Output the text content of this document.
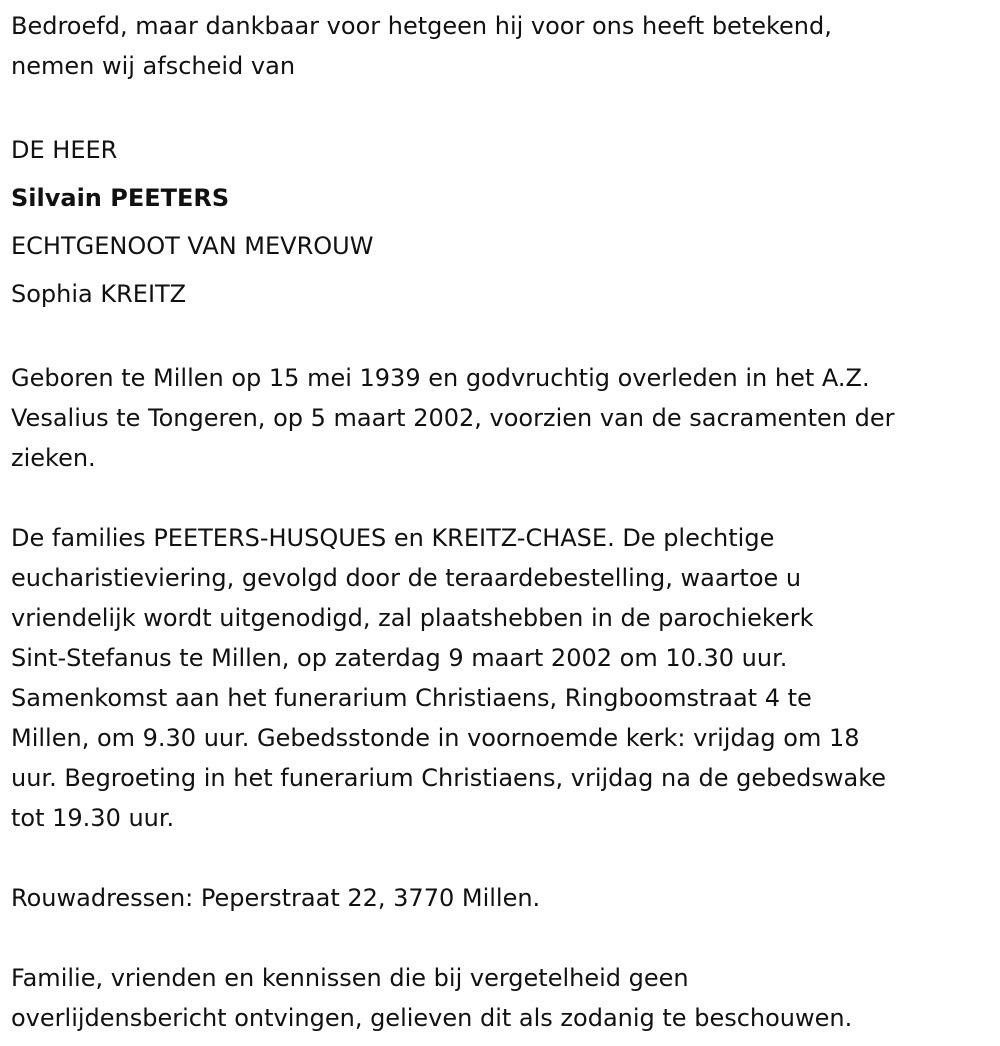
Bedroefd, maar dankbaar voor hetgeen hij voor ons heeft betekend,

nemen wij afscheid van

DE HEER

Silvain PEETERS

ECHTGENOOT VAN MEVROUW

Sophia KREITZ

Geboren te Millen op 15 mei 1939 en godvruchtig overleden in het A.Z.

Vesalius te Tongeren, op 5 maart 2002, voorzien van de sacramenten der

zieken.

De families PEETERS-HUSQUES en KREITZ-CHASE. De plechtige

eucharistieviering, gevolgd door de teraardebestelling, waartoe u

vriendelijk wordt uitgenodigd, zal plaatshebben in de parochiekerk

Sint-Stefanus te Millen, op zaterdag 9 maart 2002 om 10.30 uur.

Samenkomst aan het funerarium Christiaens, Ringboomstraat 4 te

Millen, om 9.30 uur. Gebedsstonde in voornoemde kerk: vrijdag om 18

uur. Begroeting in het funerarium Christiaens, vrijdag na de gebedswake

tot 19.30 uur.

Rouwadressen: Peperstraat 22, 3770 Millen.

Familie, vrienden en kennissen die bij vergetelheid geen

overlijdensbericht ontvingen, gelieven dit als zodanig te beschouwen.
